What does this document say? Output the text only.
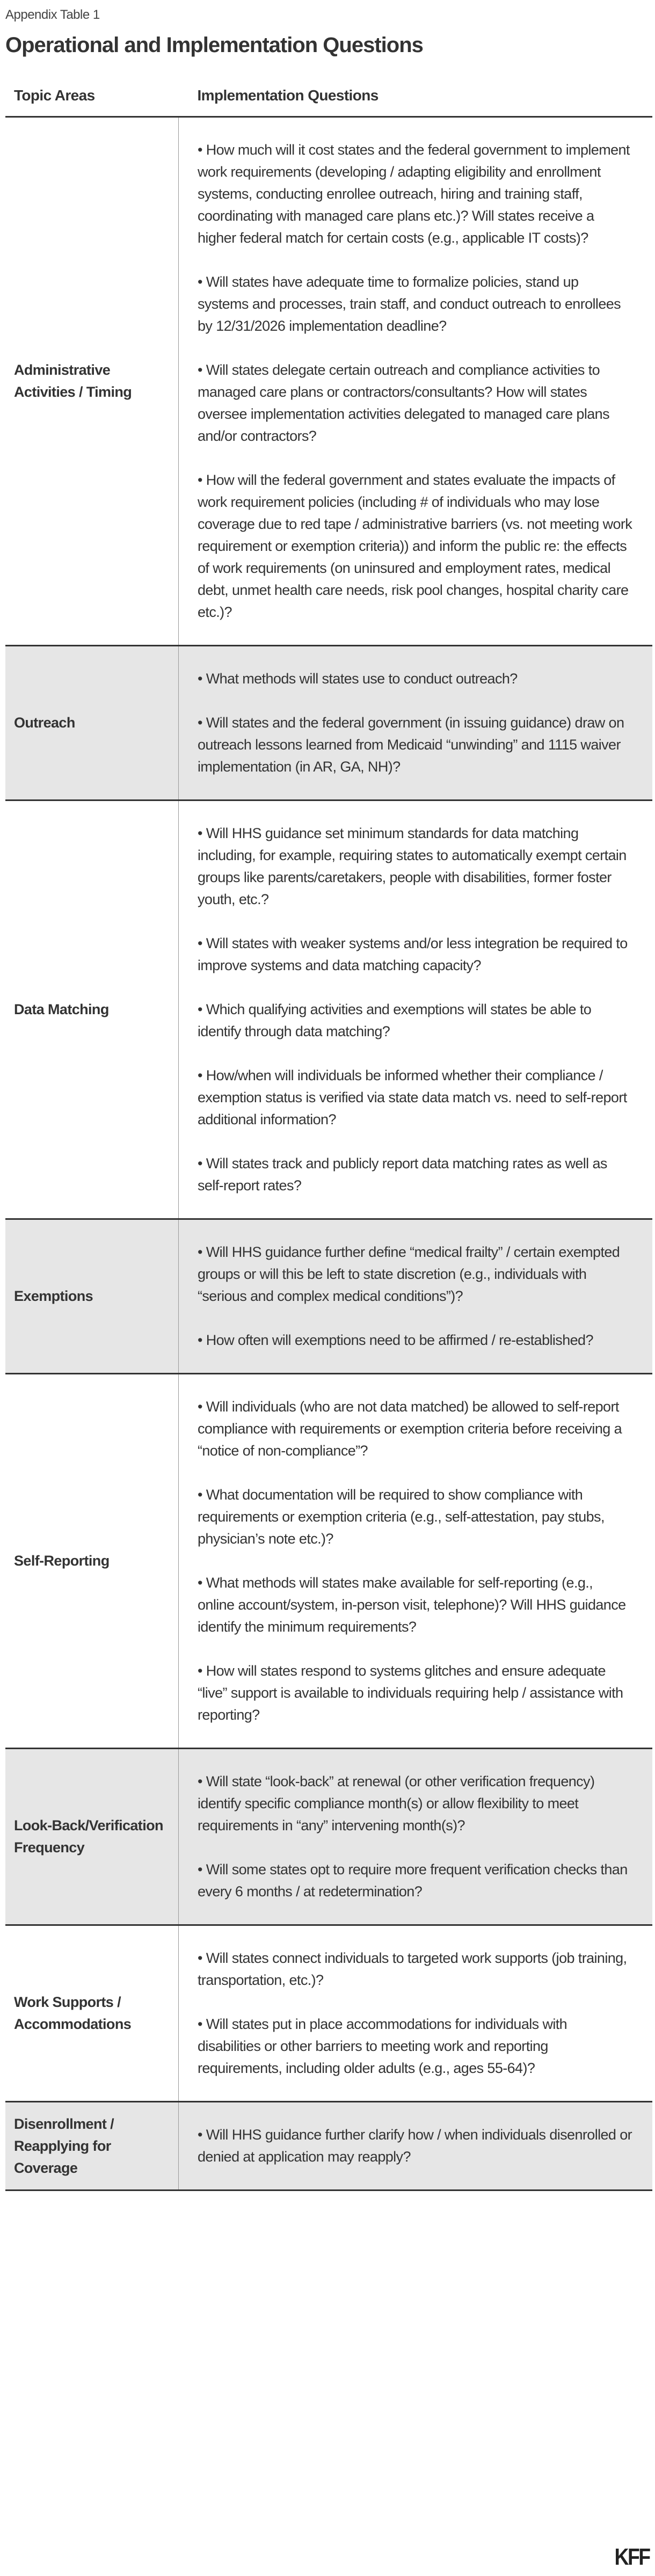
Appendix Table 1
Operational and Implementation Questions
Topic Areas	Implementation Questions
Administrative Activities / Timing	• How much will it cost states and the federal government to implement work requirements (developing / adapting eligibility and enrollment systems, conducting enrollee outreach, hiring and training staff, coordinating with managed care plans etc.)? Will states receive a higher federal match for certain costs (e.g., applicable IT costs)?
• Will states have adequate time to formalize policies, stand up systems and processes, train staff, and conduct outreach to enrollees by 12/31/2026 implementation deadline?
• Will states delegate certain outreach and compliance activities to managed care plans or contractors/consultants? How will states oversee implementation activities delegated to managed care plans and/or contractors?
• How will the federal government and states evaluate the impacts of work requirement policies (including # of individuals who may lose coverage due to red tape / administrative barriers (vs. not meeting work requirement or exemption criteria)) and inform the public re: the effects of work requirements (on uninsured and employment rates, medical debt, unmet health care needs, risk pool changes, hospital charity care etc.)?

Outreach	• What methods will states use to conduct outreach?
• Will states and the federal government (in issuing guidance) draw on outreach lessons learned from Medicaid “unwinding” and 1115 waiver implementation (in AR, GA, NH)?

Data Matching	• Will HHS guidance set minimum standards for data matching including, for example, requiring states to automatically exempt certain groups like parents/caretakers, people with disabilities, former foster youth, etc.?
• Will states with weaker systems and/or less integration be required to improve systems and data matching capacity?
• Which qualifying activities and exemptions will states be able to identify through data matching?
• How/when will individuals be informed whether their compliance / exemption status is verified via state data match vs. need to self-report additional information?
• Will states track and publicly report data matching rates as well as self-report rates?

Exemptions	• Will HHS guidance further define “medical frailty” / certain exempted groups or will this be left to state discretion (e.g., individuals with “serious and complex medical conditions”)?
• How often will exemptions need to be affirmed / re-established?

Self-Reporting	• Will individuals (who are not data matched) be allowed to self-report compliance with requirements or exemption criteria before receiving a “notice of non-compliance”?
• What documentation will be required to show compliance with requirements or exemption criteria (e.g., self-attestation, pay stubs, physician’s note etc.)?
• What methods will states make available for self-reporting (e.g., online account/system, in-person visit, telephone)? Will HHS guidance identify the minimum requirements?
• How will states respond to systems glitches and ensure adequate “live” support is available to individuals requiring help / assistance with reporting?

Look-Back/Verification Frequency	• Will state “look-back” at renewal (or other verification frequency) identify specific compliance month(s) or allow flexibility to meet requirements in “any” intervening month(s)?
• Will some states opt to require more frequent verification checks than every 6 months / at redetermination?

Work Supports / Accommodations	• Will states connect individuals to targeted work supports (job training, transportation, etc.)?
• Will states put in place accommodations for individuals with disabilities or other barriers to meeting work and reporting requirements, including older adults (e.g., ages 55-64)?

Disenrollment / Reapplying for Coverage	• Will HHS guidance further clarify how / when individuals disenrolled or denied at application may reapply?
KFF
